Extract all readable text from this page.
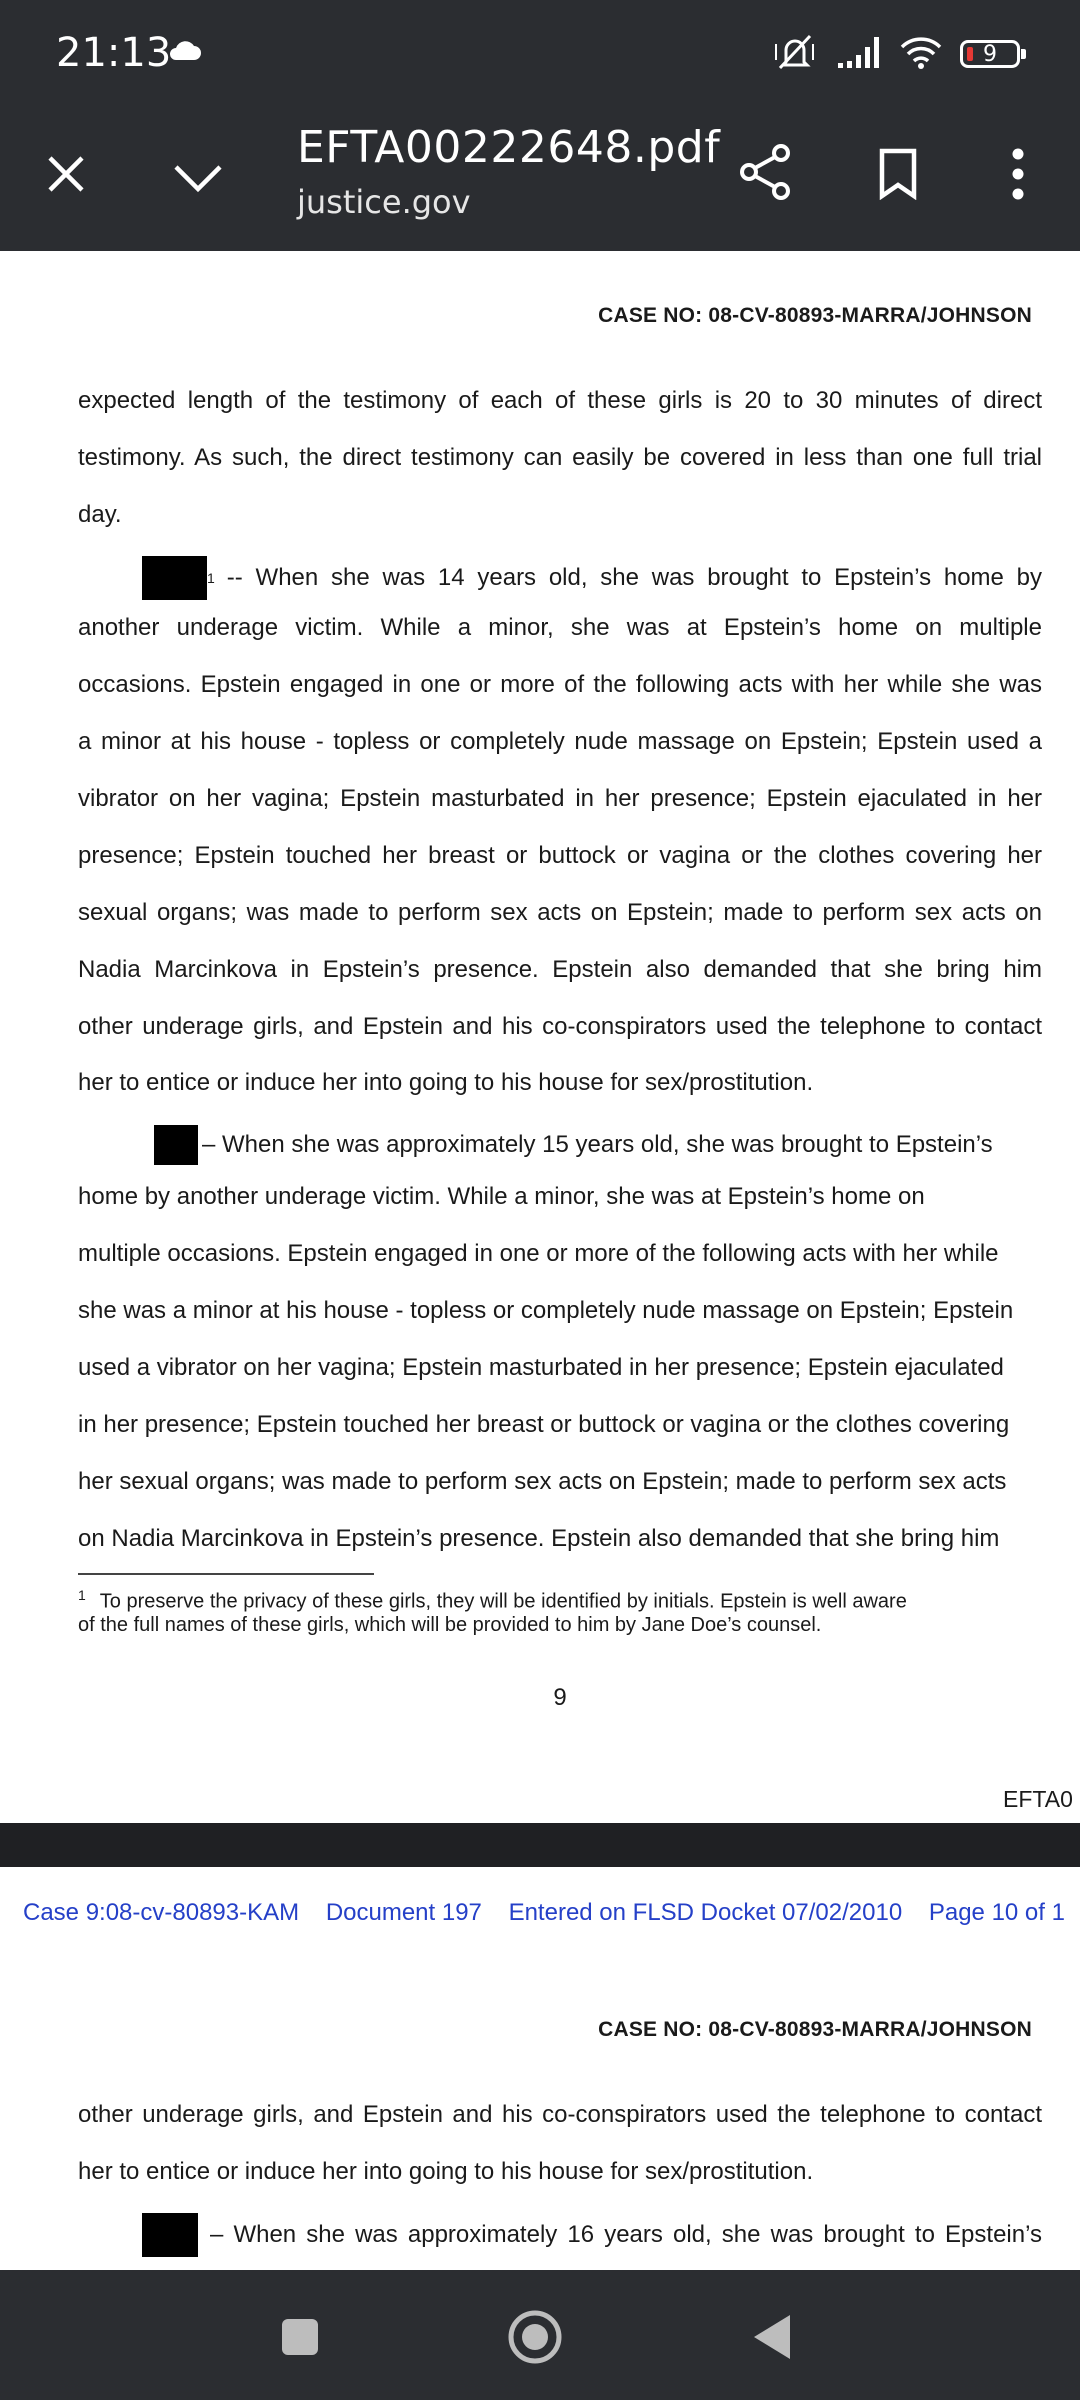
21:13	9
EFTA00222648.pdf
justice.gov
CASE NO: 08-CV-80893-MARRA/JOHNSON
expected length of the testimony of each of these girls is 20 to 30 minutes of direct
testimony. As such, the direct testimony can easily be covered in less than one full trial
day.
1 -- When she was 14 years old, she was brought to Epstein’s home by
another underage victim. While a minor, she was at Epstein’s home on multiple
occasions. Epstein engaged in one or more of the following acts with her while she was
a minor at his house - topless or completely nude massage on Epstein; Epstein used a
vibrator on her vagina; Epstein masturbated in her presence; Epstein ejaculated in her
presence; Epstein touched her breast or buttock or vagina or the clothes covering her
sexual organs; was made to perform sex acts on Epstein; made to perform sex acts on
Nadia Marcinkova in Epstein’s presence. Epstein also demanded that she bring him
other underage girls, and Epstein and his co-conspirators used the telephone to contact
her to entice or induce her into going to his house for sex/prostitution.
– When she was approximately 15 years old, she was brought to Epstein’s
home by another underage victim. While a minor, she was at Epstein’s home on
multiple occasions. Epstein engaged in one or more of the following acts with her while
she was a minor at his house - topless or completely nude massage on Epstein; Epstein
used a vibrator on her vagina; Epstein masturbated in her presence; Epstein ejaculated
in her presence; Epstein touched her breast or buttock or vagina or the clothes covering
her sexual organs; was made to perform sex acts on Epstein; made to perform sex acts
on Nadia Marcinkova in Epstein’s presence. Epstein also demanded that she bring him
$^1$ To preserve the privacy of these girls, they will be identified by initials. Epstein is well aware
of the full names of these girls, which will be provided to him by Jane Doe’s counsel.
9
EFTA0
Case 9:08-cv-80893-KAM Document 197 Entered on FLSD Docket 07/02/2010 Page 10 of 1
CASE NO: 08-CV-80893-MARRA/JOHNSON
other underage girls, and Epstein and his co-conspirators used the telephone to contact
her to entice or induce her into going to his house for sex/prostitution.
– When she was approximately 16 years old, she was brought to Epstein’s
